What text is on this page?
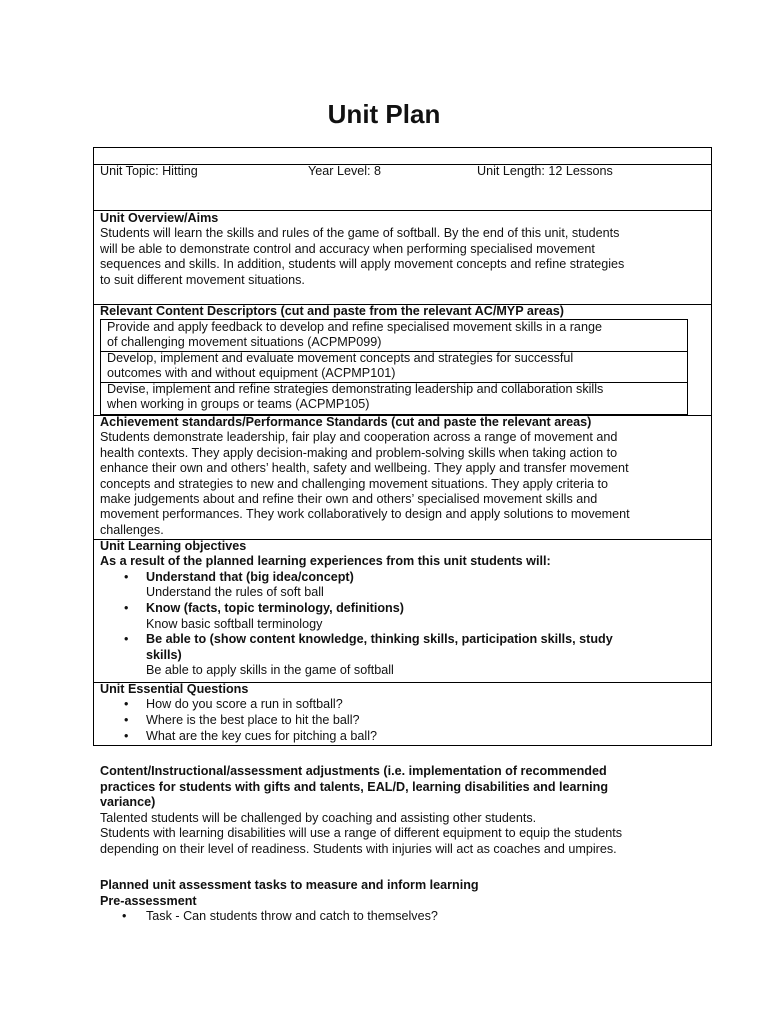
Unit Plan
Unit Topic: Hitting	Year Level: 8	Unit Length: 12 Lessons
Unit Overview/Aims
Students will learn the skills and rules of the game of softball. By the end of this unit, students
will be able to demonstrate control and accuracy when performing specialised movement
sequences and skills. In addition, students will apply movement concepts and refine strategies
to suit different movement situations.
Relevant Content Descriptors (cut and paste from the relevant AC/MYP areas)
Provide and apply feedback to develop and refine specialised movement skills in a range
of challenging movement situations (ACPMP099)
Develop, implement and evaluate movement concepts and strategies for successful
outcomes with and without equipment (ACPMP101)
Devise, implement and refine strategies demonstrating leadership and collaboration skills
when working in groups or teams (ACPMP105)
Achievement standards/Performance Standards (cut and paste the relevant areas)
Students demonstrate leadership, fair play and cooperation across a range of movement and
health contexts. They apply decision-making and problem-solving skills when taking action to
enhance their own and others’ health, safety and wellbeing. They apply and transfer movement
concepts and strategies to new and challenging movement situations. They apply criteria to
make judgements about and refine their own and others’ specialised movement skills and
movement performances. They work collaboratively to design and apply solutions to movement
challenges.
Unit Learning objectives
As a result of the planned learning experiences from this unit students will:
• Understand that (big idea/concept)
Understand the rules of soft ball
• Know (facts, topic terminology, definitions)
Know basic softball terminology
• Be able to (show content knowledge, thinking skills, participation skills, study
skills)
Be able to apply skills in the game of softball
Unit Essential Questions
• How do you score a run in softball?
• Where is the best place to hit the ball?
• What are the key cues for pitching a ball?
Content/Instructional/assessment adjustments (i.e. implementation of recommended
practices for students with gifts and talents, EAL/D, learning disabilities and learning
variance)
Talented students will be challenged by coaching and assisting other students.
Students with learning disabilities will use a range of different equipment to equip the students
depending on their level of readiness. Students with injuries will act as coaches and umpires.
Planned unit assessment tasks to measure and inform learning
Pre-assessment
• Task - Can students throw and catch to themselves?
